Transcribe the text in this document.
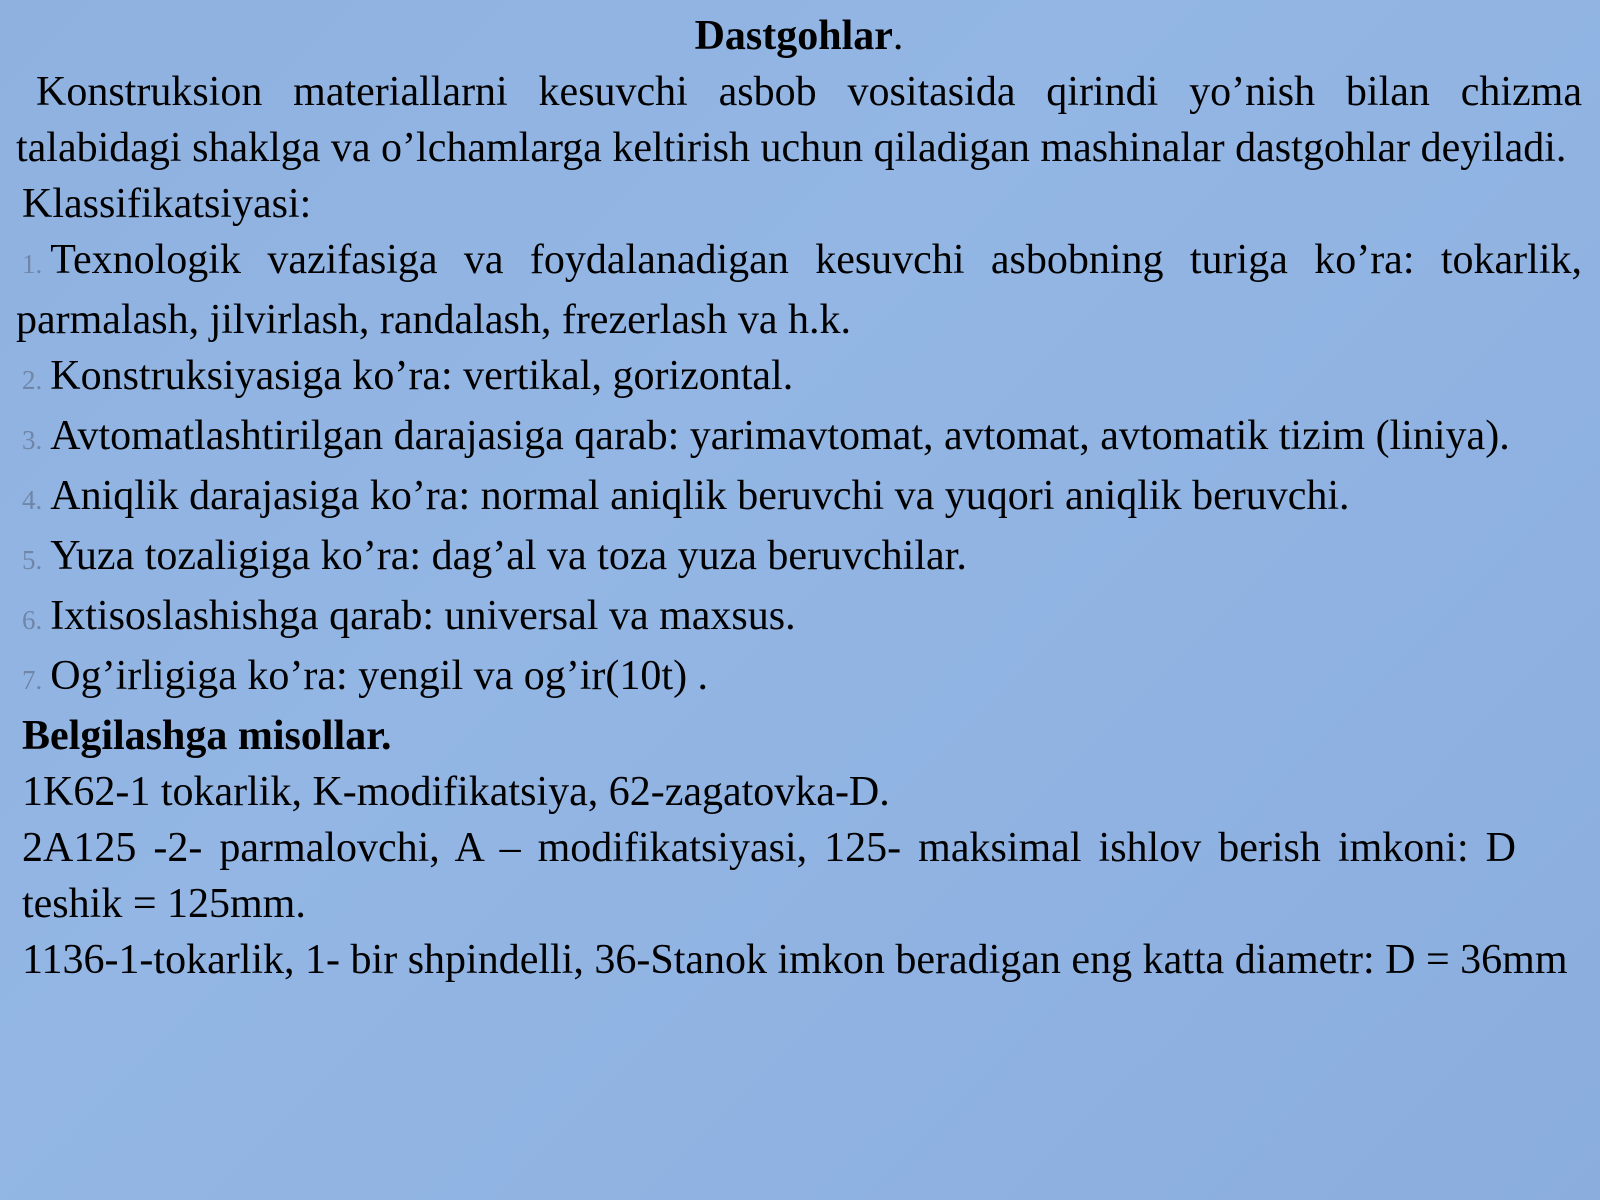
Dastgohlar.

Konstruksion materiallarni kesuvchi asbob vositasida qirindi yo’nish bilan chizma talabidagi shaklga va o’lchamlarga keltirish uchun qiladigan mashinalar dastgohlar deyiladi.

Klassifikatsiyasi:

1. Texnologik vazifasiga va foydalanadigan kesuvchi asbobning turiga ko’ra: tokarlik, parmalash, jilvirlash, randalash, frezerlash va h.k.

2. Konstruksiyasiga ko’ra: vertikal, gorizontal.

3. Avtomatlashtirilgan darajasiga qarab: yarimavtomat, avtomat, avtomatik tizim (liniya).

4. Aniqlik darajasiga ko’ra: normal aniqlik beruvchi va yuqori aniqlik beruvchi.

5. Yuza tozaligiga ko’ra: dag’al va toza yuza beruvchilar.

6. Ixtisoslashishga qarab: universal va maxsus.

7. Og’irligiga ko’ra: yengil va og’ir(10t) .

Belgilashga misollar.

1K62-1 tokarlik, K-modifikatsiya, 62-zagatovka-D.

2A125 -2- parmalovchi, A – modifikatsiyasi, 125- maksimal ishlov berish imkoni: D teshik = 125mm.

1136-1-tokarlik, 1- bir shpindelli, 36-Stanok imkon beradigan eng katta diametr: D = 36mm
